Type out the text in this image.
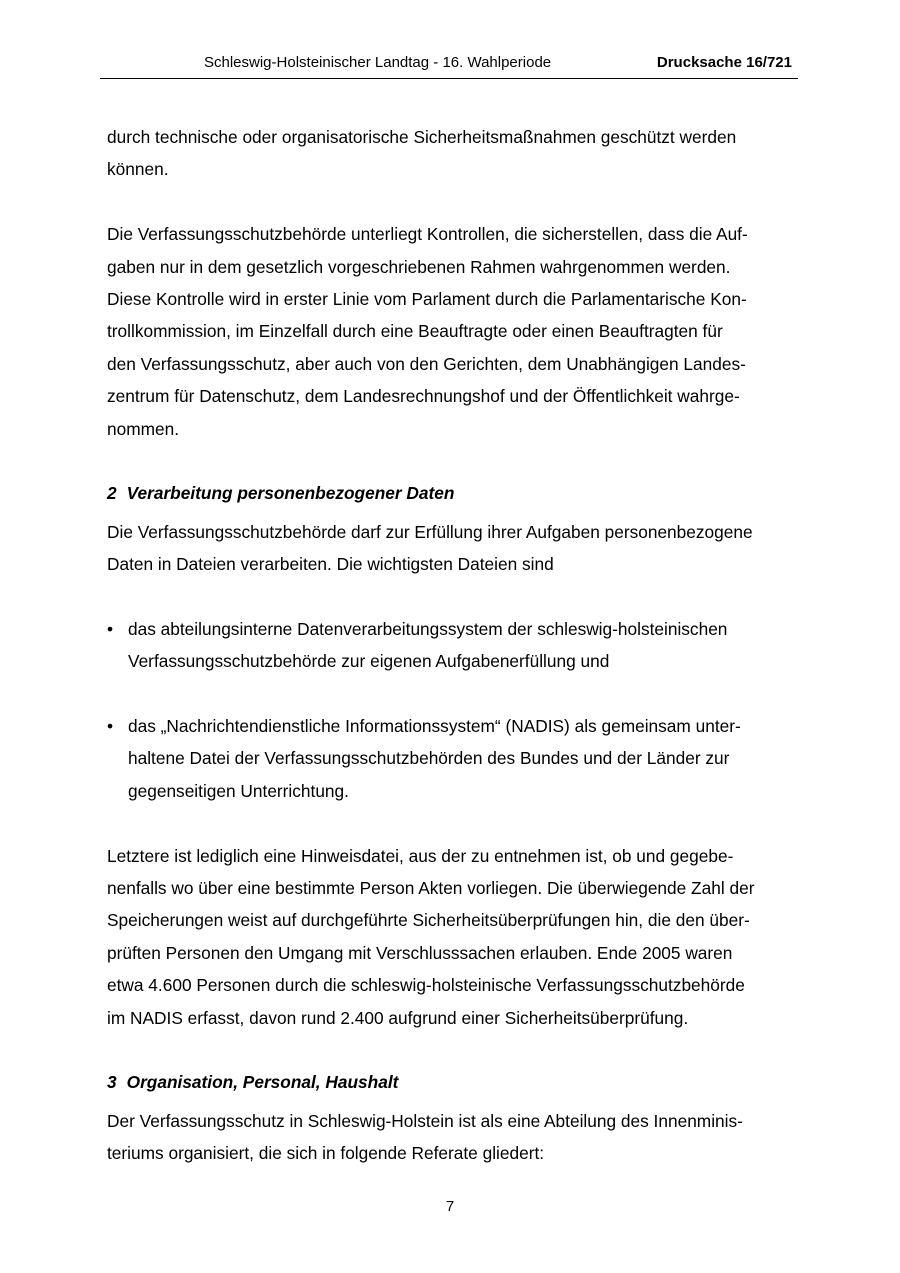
Schleswig-Holsteinischer Landtag - 16. Wahlperiode	Drucksache 16/721
durch technische oder organisatorische Sicherheitsmaßnahmen geschützt werden
können.
Die Verfassungsschutzbehörde unterliegt Kontrollen, die sicherstellen, dass die Auf-
gaben nur in dem gesetzlich vorgeschriebenen Rahmen wahrgenommen werden.
Diese Kontrolle wird in erster Linie vom Parlament durch die Parlamentarische Kon-
trollkommission, im Einzelfall durch eine Beauftragte oder einen Beauftragten für
den Verfassungsschutz, aber auch von den Gerichten, dem Unabhängigen Landes-
zentrum für Datenschutz, dem Landesrechnungshof und der Öffentlichkeit wahrge-
nommen.
2 Verarbeitung personenbezogener Daten
Die Verfassungsschutzbehörde darf zur Erfüllung ihrer Aufgaben personenbezogene
Daten in Dateien verarbeiten. Die wichtigsten Dateien sind
• das abteilungsinterne Datenverarbeitungssystem der schleswig-holsteinischen
Verfassungsschutzbehörde zur eigenen Aufgabenerfüllung und
• das „Nachrichtendienstliche Informationssystem“ (NADIS) als gemeinsam unter-
haltene Datei der Verfassungsschutzbehörden des Bundes und der Länder zur
gegenseitigen Unterrichtung.
Letztere ist lediglich eine Hinweisdatei, aus der zu entnehmen ist, ob und gegebe-
nenfalls wo über eine bestimmte Person Akten vorliegen. Die überwiegende Zahl der
Speicherungen weist auf durchgeführte Sicherheitsüberprüfungen hin, die den über-
prüften Personen den Umgang mit Verschlusssachen erlauben. Ende 2005 waren
etwa 4.600 Personen durch die schleswig-holsteinische Verfassungsschutzbehörde
im NADIS erfasst, davon rund 2.400 aufgrund einer Sicherheitsüberprüfung.
3 Organisation, Personal, Haushalt
Der Verfassungsschutz in Schleswig-Holstein ist als eine Abteilung des Innenminis-
teriums organisiert, die sich in folgende Referate gliedert:
7
